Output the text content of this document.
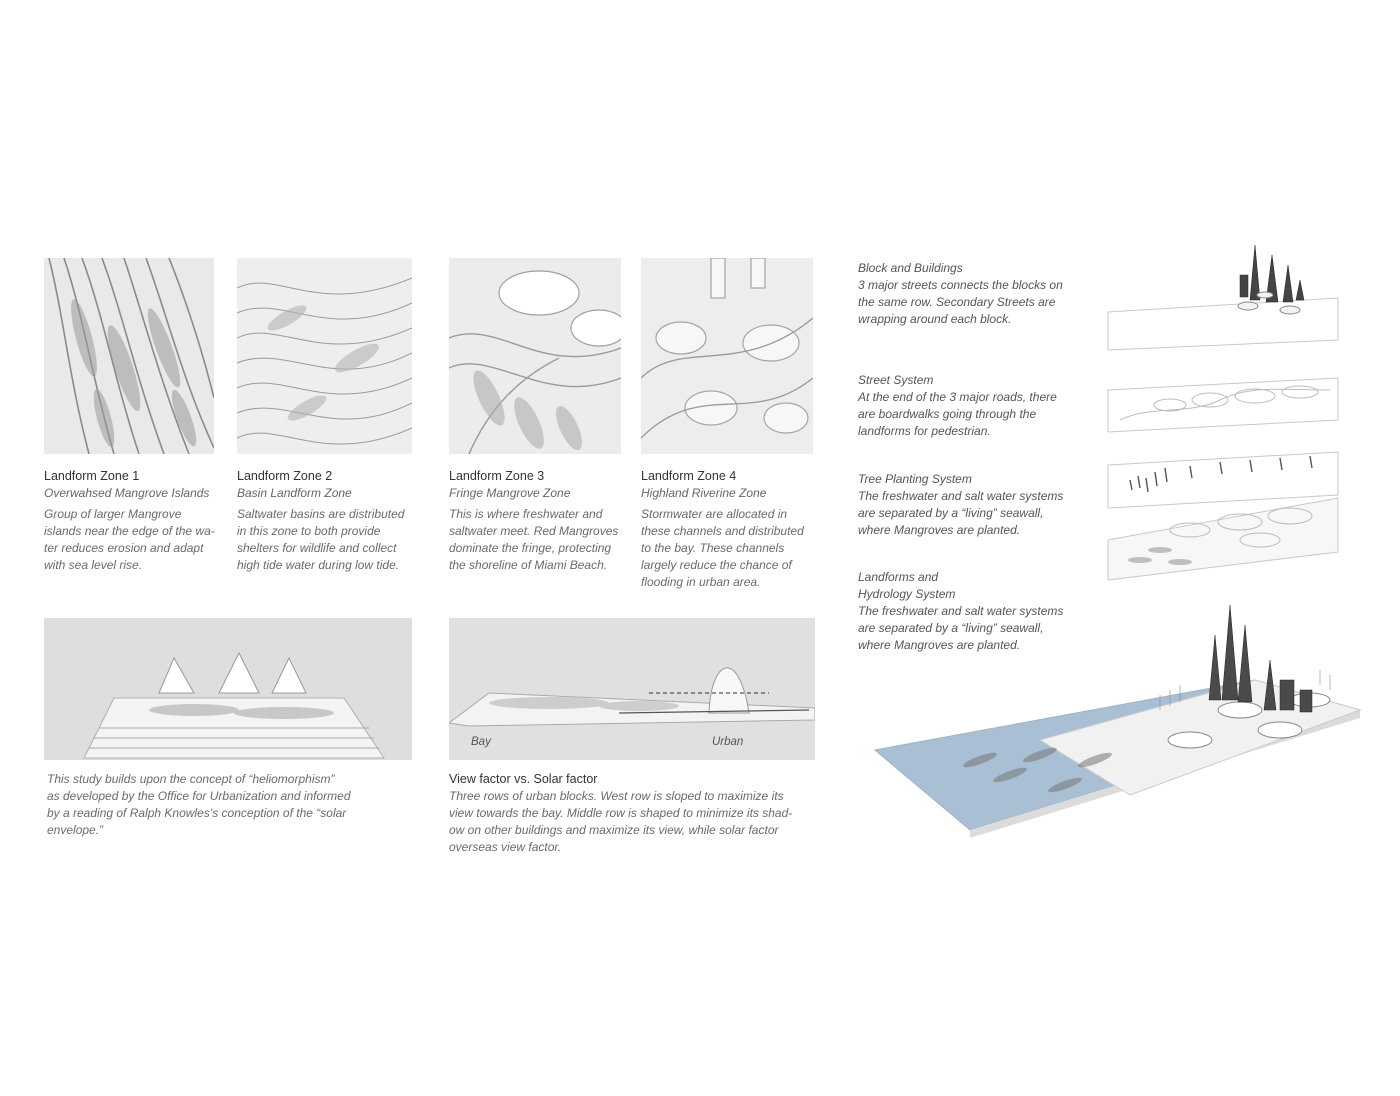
Landform Zone 1
Overwahsed Mangrove Islands
Group of larger Mangrove
islands near the edge of the wa-
ter reduces erosion and adapt
with sea level rise.
Landform Zone 2
Basin Landform Zone
Saltwater basins are distributed
in this zone to both provide
shelters for wildlife and collect
high tide water during low tide.
Landform Zone 3
Fringe Mangrove Zone
This is where freshwater and
saltwater meet. Red Mangroves
dominate the fringe, protecting
the shoreline of Miami Beach.
Landform Zone 4
Highland Riverine Zone
Stormwater are allocated in
these channels and distributed
to the bay. These channels
largely reduce the chance of
flooding in urban area.
Bay	Urban
This study builds upon the concept of “heliomorphism”
as developed by the Office for Urbanization and informed
by a reading of Ralph Knowles’s conception of the “solar
envelope.”
View factor vs. Solar factor
Three rows of urban blocks. West row is sloped to maximize its
view towards the bay. Middle row is shaped to minimize its shad-
ow on other buildings and maximize its view, while solar factor
overseas view factor.
Block and Buildings
3 major streets connects the blocks on
the same row. Secondary Streets are
wrapping around each block.
Street System
At the end of the 3 major roads, there
are boardwalks going through the
landforms for pedestrian.
Tree Planting System
The freshwater and salt water systems
are separated by a “living” seawall,
where Mangroves are planted.
Landforms and
Hydrology System
The freshwater and salt water systems
are separated by a “living” seawall,
where Mangroves are planted.
